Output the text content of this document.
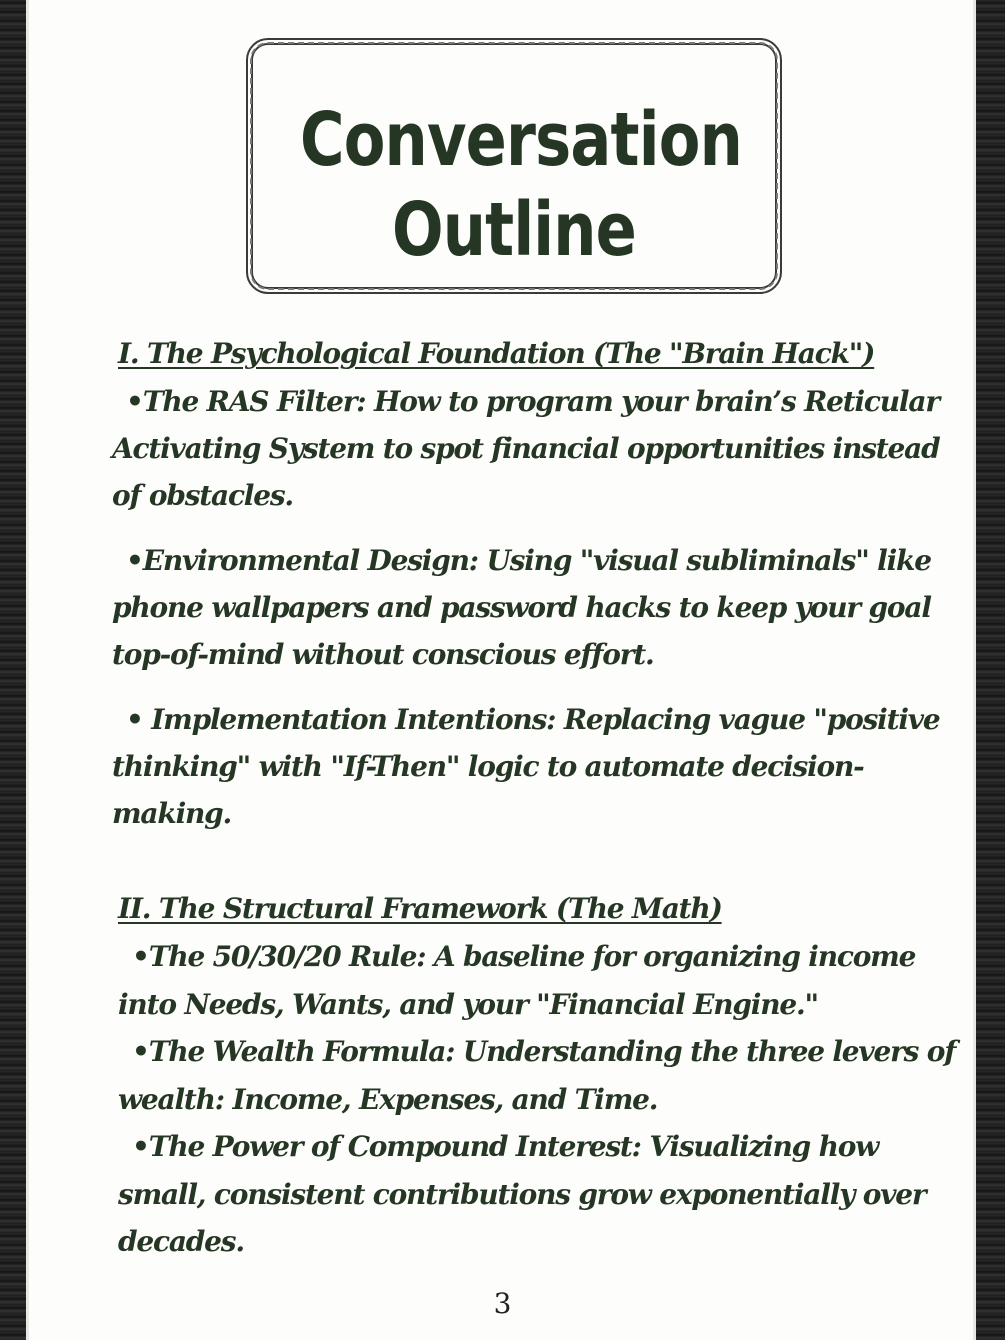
Conversation
Outline

I. The Psychological Foundation (The "Brain Hack")

•The RAS Filter: How to program your brain’s Reticular Activating System to spot financial opportunities instead of obstacles.

•Environmental Design: Using "visual subliminals" like phone wallpapers and password hacks to keep your goal top-of-mind without conscious effort.

• Implementation Intentions: Replacing vague "positive thinking" with "If-Then" logic to automate decision-making.

II. The Structural Framework (The Math)

•The 50/30/20 Rule: A baseline for organizing income into Needs, Wants, and your "Financial Engine."

•The Wealth Formula: Understanding the three levers of wealth: Income, Expenses, and Time.

•The Power of Compound Interest: Visualizing how small, consistent contributions grow exponentially over decades.

3
